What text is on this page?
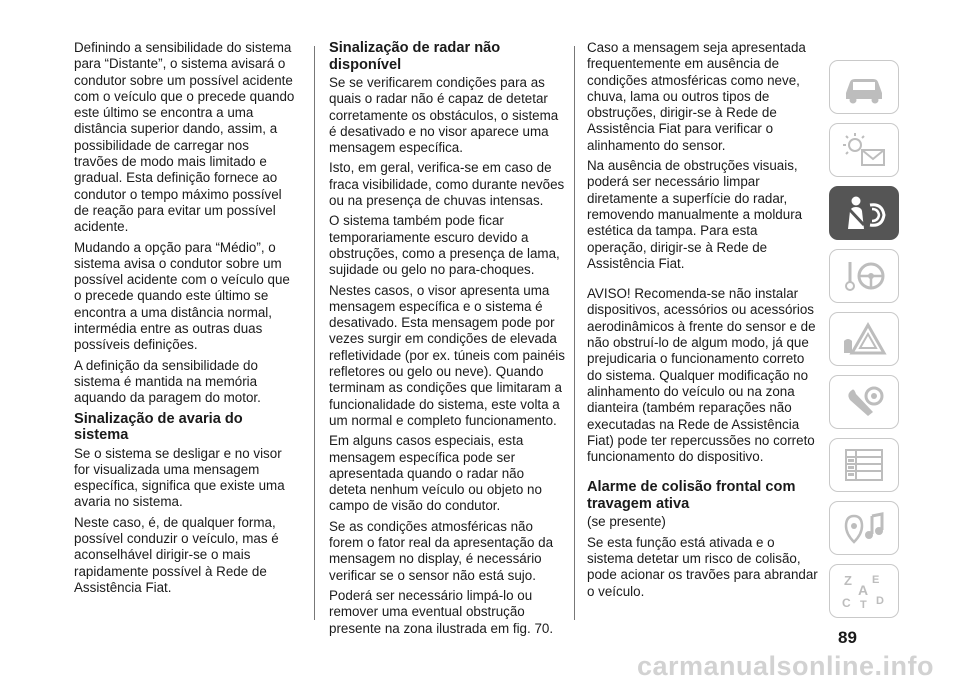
Definindo a sensibilidade do sistema para “Distante”, o sistema avisará o condutor sobre um possível acidente com o veículo que o precede quando este último se encontra a uma distância superior dando, assim, a possibilidade de carregar nos travões de modo mais limitado e gradual. Esta definição fornece ao condutor o tempo máximo possível de reação para evitar um possível acidente.

Mudando a opção para “Médio”, o sistema avisa o condutor sobre um possível acidente com o veículo que o precede quando este último se encontra a uma distância normal, intermédia entre as outras duas possíveis definições.

A definição da sensibilidade do sistema é mantida na memória aquando da paragem do motor.

Sinalização de avaria do sistema

Se o sistema se desligar e no visor for visualizada uma mensagem específica, significa que existe uma avaria no sistema.

Neste caso, é, de qualquer forma, possível conduzir o veículo, mas é aconselhável dirigir-se o mais rapidamente possível à Rede de Assistência Fiat.

Sinalização de radar não disponível

Se se verificarem condições para as quais o radar não é capaz de detetar corretamente os obstáculos, o sistema é desativado e no visor aparece uma mensagem específica.

Isto, em geral, verifica-se em caso de fraca visibilidade, como durante nevões ou na presença de chuvas intensas.

O sistema também pode ficar temporariamente escuro devido a obstruções, como a presença de lama, sujidade ou gelo no para-choques.

Nestes casos, o visor apresenta uma mensagem específica e o sistema é desativado. Esta mensagem pode por vezes surgir em condições de elevada refletividade (por ex. túneis com painéis refletores ou gelo ou neve). Quando terminam as condições que limitaram a funcionalidade do sistema, este volta a um normal e completo funcionamento.

Em alguns casos especiais, esta mensagem específica pode ser apresentada quando o radar não deteta nenhum veículo ou objeto no campo de visão do condutor.

Se as condições atmosféricas não forem o fator real da apresentação da mensagem no display, é necessário verificar se o sensor não está sujo.

Poderá ser necessário limpá-lo ou remover uma eventual obstrução presente na zona ilustrada em fig. 70.

Caso a mensagem seja apresentada frequentemente em ausência de condições atmosféricas como neve, chuva, lama ou outros tipos de obstruções, dirigir-se à Rede de Assistência Fiat para verificar o alinhamento do sensor.

Na ausência de obstruções visuais, poderá ser necessário limpar diretamente a superfície do radar, removendo manualmente a moldura estética da tampa. Para esta operação, dirigir-se à Rede de Assistência Fiat.

AVISO! Recomenda-se não instalar dispositivos, acessórios ou acessórios aerodinâmicos à frente do sensor e de não obstruí-lo de algum modo, já que prejudicaria o funcionamento correto do sistema. Qualquer modificação no alinhamento do veículo ou na zona dianteira (também reparações não executadas na Rede de Assistência Fiat) pode ter repercussões no correto funcionamento do dispositivo.

Alarme de colisão frontal com travagem ativa

(se presente)

Se esta função está ativada e o sistema detetar um risco de colisão, pode acionar os travões para abrandar o veículo.

Z E
A
C T D
89
carmanualsonline.info
